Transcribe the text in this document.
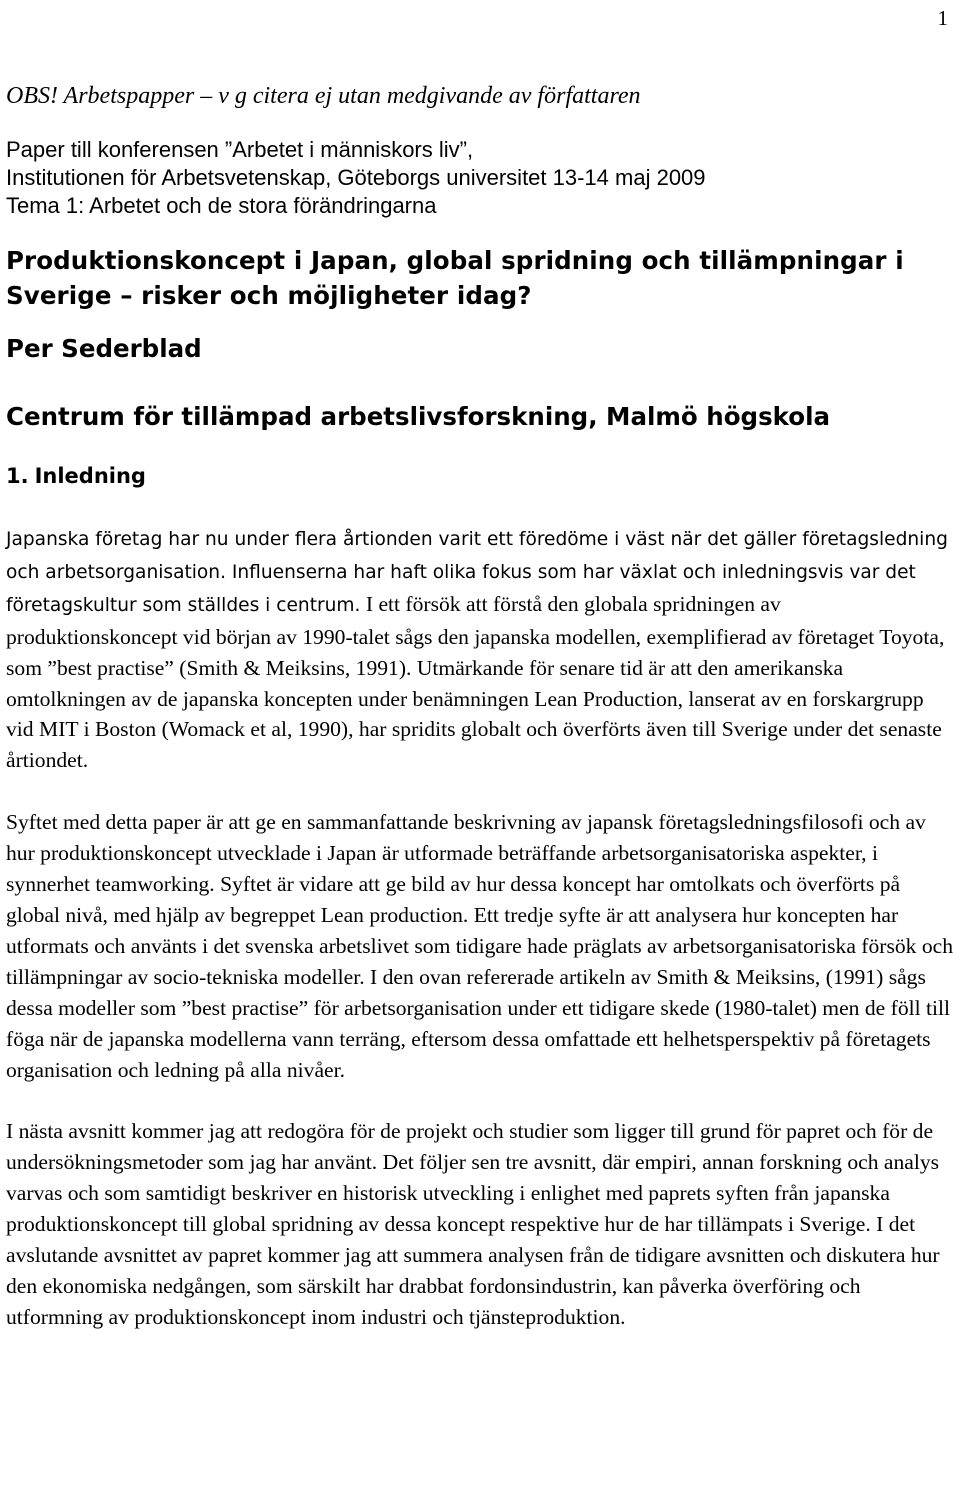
1

OBS! Arbetspapper – v g citera ej utan medgivande av författaren

Paper till konferensen ”Arbetet i människors liv”,
Institutionen för Arbetsvetenskap, Göteborgs universitet 13-14 maj 2009
Tema 1: Arbetet och de stora förändringarna
Produktionskoncept i Japan, global spridning och tillämpningar i
Sverige – risker och möjligheter idag?
Per Sederblad
Centrum för tillämpad arbetslivsforskning, Malmö högskola
1. Inledning

Japanska företag har nu under flera årtionden varit ett föredöme i väst när det gäller företagsledning och arbetsorganisation. Influenserna har haft olika fokus som har växlat och inledningsvis var det företagskultur som ställdes i centrum. I ett försök att förstå den globala spridningen av produktionskoncept vid början av 1990-talet sågs den japanska modellen, exemplifierad av företaget Toyota, som ”best practise” (Smith & Meiksins, 1991). Utmärkande för senare tid är att den amerikanska omtolkningen av de japanska koncepten under benämningen Lean Production, lanserat av en forskargrupp vid MIT i Boston (Womack et al, 1990), har spridits globalt och överförts även till Sverige under det senaste årtiondet.

Syftet med detta paper är att ge en sammanfattande beskrivning av japansk företagsledningsfilosofi och av hur produktionskoncept utvecklade i Japan är utformade beträffande arbetsorganisatoriska aspekter, i synnerhet teamworking. Syftet är vidare att ge bild av hur dessa koncept har omtolkats och överförts på global nivå, med hjälp av begreppet Lean production. Ett tredje syfte är att analysera hur koncepten har utformats och använts i det svenska arbetslivet som tidigare hade präglats av arbetsorganisatoriska försök och tillämpningar av socio-tekniska modeller. I den ovan refererade artikeln av Smith & Meiksins, (1991) sågs dessa modeller som ”best practise” för arbetsorganisation under ett tidigare skede (1980-talet) men de föll till föga när de japanska modellerna vann terräng, eftersom dessa omfattade ett helhetsperspektiv på företagets organisation och ledning på alla nivåer.

I nästa avsnitt kommer jag att redogöra för de projekt och studier som ligger till grund för papret och för de undersökningsmetoder som jag har använt. Det följer sen tre avsnitt, där empiri, annan forskning och analys varvas och som samtidigt beskriver en historisk utveckling i enlighet med paprets syften från japanska produktionskoncept till global spridning av dessa koncept respektive hur de har tillämpats i Sverige. I det avslutande avsnittet av papret kommer jag att summera analysen från de tidigare avsnitten och diskutera hur den ekonomiska nedgången, som särskilt har drabbat fordonsindustrin, kan påverka överföring och utformning av produktionskoncept inom industri och tjänsteproduktion.
